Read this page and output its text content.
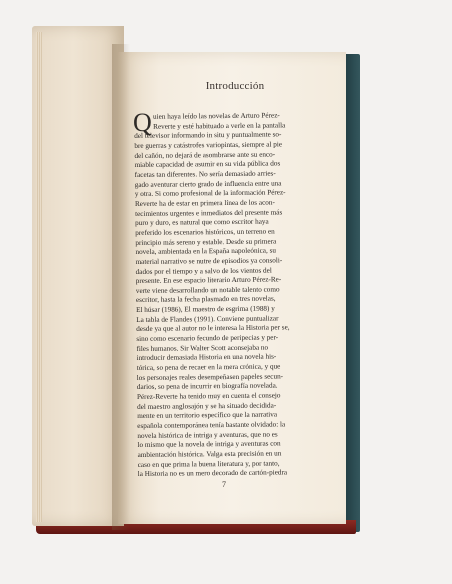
Introducción
Q uien haya leído las novelas de Arturo Pérez-
Reverte y esté habituado a verle en la pantalla
del televisor informando in situ y puntualmente so-
bre guerras y catástrofes variopintas, siempre al pie
del cañón, no dejará de asombrarse ante su enco-
miable capacidad de asumir en su vida pública dos
facetas tan diferentes. No sería demasiado arries-
gado aventurar cierto grado de influencia entre una
y otra. Si como profesional de la información Pérez-
Reverte ha de estar en primera línea de los acon-
tecimientos urgentes e inmediatos del presente más
puro y duro, es natural que como escritor haya
preferido los escenarios históricos, un terreno en
principio más sereno y estable. Desde su primera
novela, ambientada en la España napoleónica, su
material narrativo se nutre de episodios ya consoli-
dados por el tiempo y a salvo de los vientos del
presente. En ese espacio literario Arturo Pérez-Re-
verte viene desarrollando un notable talento como
escritor, hasta la fecha plasmado en tres novelas,
El húsar (1986), El maestro de esgrima (1988) y
La tabla de Flandes (1991). Conviene puntualizar
desde ya que al autor no le interesa la Historia per se,
sino como escenario fecundo de peripecias y per-
files humanos. Sir Walter Scott aconsejaba no
introducir demasiada Historia en una novela his-
tórica, so pena de recaer en la mera crónica, y que
los personajes reales desempeñasen papeles secun-
darios, so pena de incurrir en biografía novelada.
Pérez-Reverte ha tenido muy en cuenta el consejo
del maestro anglosajón y se ha situado decidida-
mente en un territorio específico que la narrativa
española contemporánea tenía bastante olvidado: la
novela histórica de intriga y aventuras, que no es
lo mismo que la novela de intriga y aventuras con
ambientación histórica. Valga esta precisión en un
caso en que prima la buena literatura y, por tanto,
la Historia no es un mero decorado de cartón-piedra
7
